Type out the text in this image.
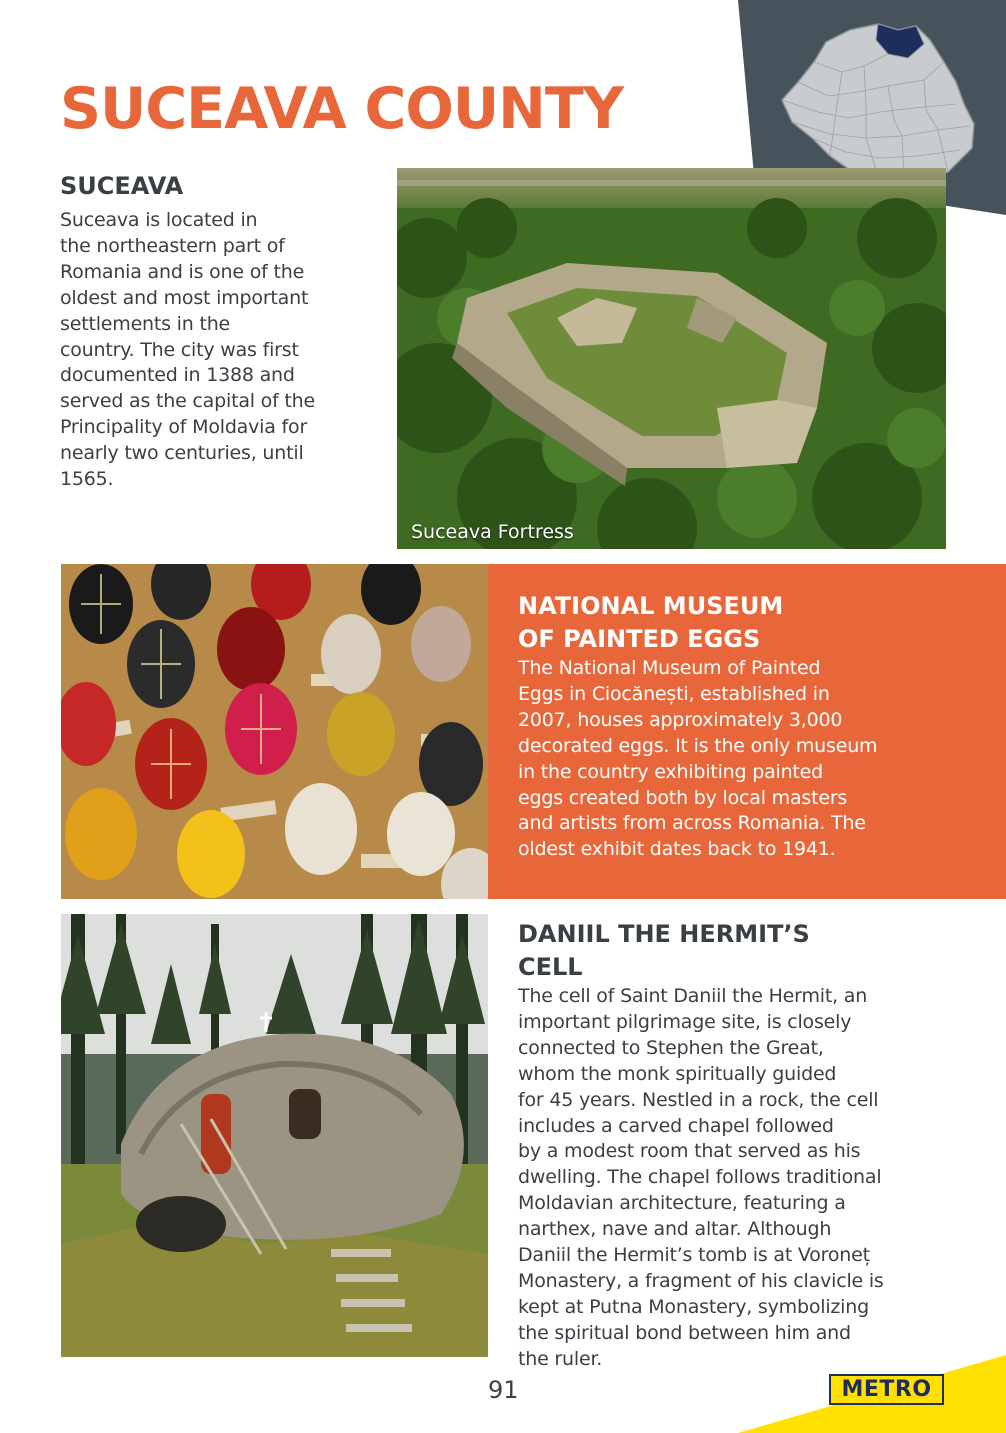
SUCEAVA COUNTY
SUCEAVA

Suceava is located in
the northeastern part of
Romania and is one of the
oldest and most important
settlements in the
country. The city was first
documented in 1388 and
served as the capital of the
Principality of Moldavia for
nearly two centuries, until
1565.

Suceava Fortress
NATIONAL MUSEUM
OF PAINTED EGGS

The National Museum of Painted
Eggs in Ciocănești, established in
2007, houses approximately 3,000
decorated eggs. It is the only museum
in the country exhibiting painted
eggs created both by local masters
and artists from across Romania. The
oldest exhibit dates back to 1941.

DANIIL THE HERMIT’S
CELL

The cell of Saint Daniil the Hermit, an
important pilgrimage site, is closely
connected to Stephen the Great,
whom the monk spiritually guided
for 45 years. Nestled in a rock, the cell
includes a carved chapel followed
by a modest room that served as his
dwelling. The chapel follows traditional
Moldavian architecture, featuring a
narthex, nave and altar. Although
Daniil the Hermit’s tomb is at Voroneț
Monastery, a fragment of his clavicle is
kept at Putna Monastery, symbolizing
the spiritual bond between him and
the ruler.

91	METRO
